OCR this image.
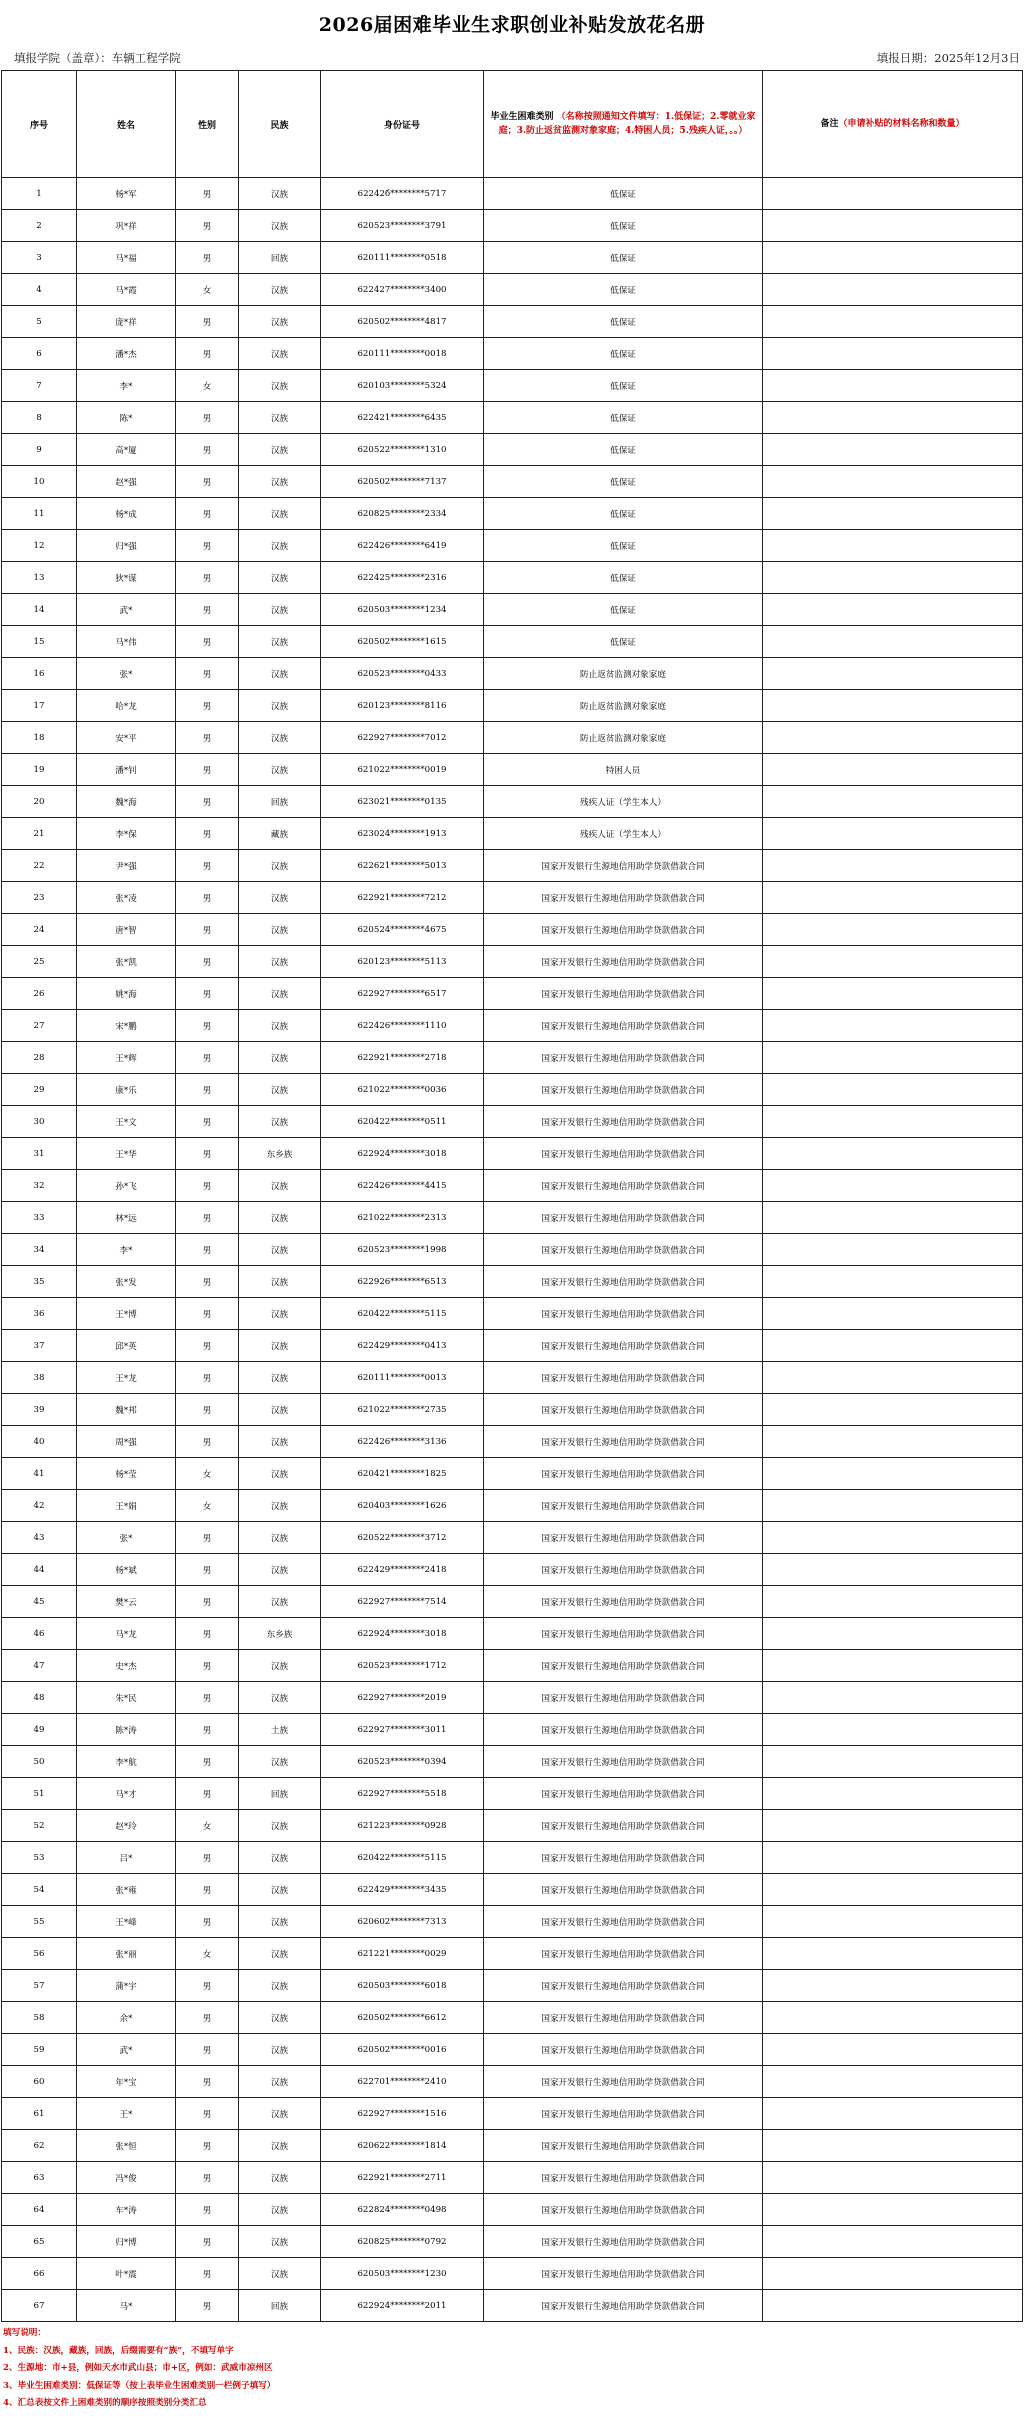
2026届困难毕业生求职创业补贴发放花名册
填报学院（盖章）：车辆工程学院	填报日期：2025年12月3日
序号	姓名	性别	民族	身份证号	毕业生困难类别 （名称按照通知文件填写：1.低保证；2.零就业家庭；3.防止返贫监测对象家庭；4.特困人员；5.残疾人证，。。）	备注（申请补贴的材料名称和数量）
1	杨*军	男	汉族	62242б********5717	低保证	
2	巩*祥	男	汉族	620523********3791	低保证	
3	马*福	男	回族	620111********0518	低保证	
4	马*霞	女	汉族	622427********3400	低保证	
5	庞*祥	男	汉族	620502********4817	低保证	
6	潘*杰	男	汉族	620111********0018	低保证	
7	李*	女	汉族	620103********5324	低保证	
8	陈*	男	汉族	622421********6435	低保证	
9	高*厦	男	汉族	620522********1310	低保证	
10	赵*强	男	汉族	620502********7137	低保证	
11	杨*成	男	汉族	620825********2334	低保证	
12	归*强	男	汉族	622426********6419	低保证	
13	狄*谋	男	汉族	622425********2316	低保证	
14	武*	男	汉族	620503********1234	低保证	
15	马*伟	男	汉族	620502********1615	低保证	
16	张*	男	汉族	620523********0433	防止返贫监测对象家庭	
17	哈*龙	男	汉族	620123********8116	防止返贫监测对象家庭	
18	安*平	男	汉族	622927********7012	防止返贫监测对象家庭	
19	潘*钊	男	汉族	621022********0019	特困人员	
20	魏*海	男	回族	623021********0135	残疾人证（学生本人）	
21	李*保	男	藏族	623024********1913	残疾人证（学生本人）	
22	尹*强	男	汉族	622621********5013	国家开发银行生源地信用助学贷款借款合同	
23	张*凌	男	汉族	622921********7212	国家开发银行生源地信用助学贷款借款合同	
24	唐*智	男	汉族	620524********4675	国家开发银行生源地信用助学贷款借款合同	
25	张*凯	男	汉族	620123********5113	国家开发银行生源地信用助学贷款借款合同	
26	姚*海	男	汉族	622927********6517	国家开发银行生源地信用助学贷款借款合同	
27	宋*鹏	男	汉族	622426********1110	国家开发银行生源地信用助学贷款借款合同	
28	王*辉	男	汉族	622921********2718	国家开发银行生源地信用助学贷款借款合同	
29	康*乐	男	汉族	621022********0036	国家开发银行生源地信用助学贷款借款合同	
30	王*文	男	汉族	620422********0511	国家开发银行生源地信用助学贷款借款合同	
31	王*华	男	东乡族	622924********3018	国家开发银行生源地信用助学贷款借款合同	
32	孙*飞	男	汉族	622426********4415	国家开发银行生源地信用助学贷款借款合同	
33	林*远	男	汉族	621022********2313	国家开发银行生源地信用助学贷款借款合同	
34	李*	男	汉族	620523********1998	国家开发银行生源地信用助学贷款借款合同	
35	张*发	男	汉族	622926********6513	国家开发银行生源地信用助学贷款借款合同	
36	王*博	男	汉族	620422********5115	国家开发银行生源地信用助学贷款借款合同	
37	邱*英	男	汉族	622429********0413	国家开发银行生源地信用助学贷款借款合同	
38	王*龙	男	汉族	620111********0013	国家开发银行生源地信用助学贷款借款合同	
39	魏*邦	男	汉族	621022********2735	国家开发银行生源地信用助学贷款借款合同	
40	周*强	男	汉族	622426********3136	国家开发银行生源地信用助学贷款借款合同	
41	杨*莹	女	汉族	620421********1825	国家开发银行生源地信用助学贷款借款合同	
42	王*娟	女	汉族	620403********1626	国家开发银行生源地信用助学贷款借款合同	
43	张*	男	汉族	620522********3712	国家开发银行生源地信用助学贷款借款合同	
44	杨*斌	男	汉族	622429********2418	国家开发银行生源地信用助学贷款借款合同	
45	樊*云	男	汉族	622927********7514	国家开发银行生源地信用助学贷款借款合同	
46	马*龙	男	东乡族	622924********3018	国家开发银行生源地信用助学贷款借款合同	
47	史*杰	男	汉族	620523********1712	国家开发银行生源地信用助学贷款借款合同	
48	朱*民	男	汉族	622927********2019	国家开发银行生源地信用助学贷款借款合同	
49	陈*涛	男	土族	622927********3011	国家开发银行生源地信用助学贷款借款合同	
50	李*航	男	汉族	620523********0394	国家开发银行生源地信用助学贷款借款合同	
51	马*才	男	回族	622927********5518	国家开发银行生源地信用助学贷款借款合同	
52	赵*玲	女	汉族	621223********0928	国家开发银行生源地信用助学贷款借款合同	
53	吕*	男	汉族	620422********5115	国家开发银行生源地信用助学贷款借款合同	
54	张*雍	男	汉族	622429********3435	国家开发银行生源地信用助学贷款借款合同	
55	王*峰	男	汉族	620602********7313	国家开发银行生源地信用助学贷款借款合同	
56	张*丽	女	汉族	621221********0029	国家开发银行生源地信用助学贷款借款合同	
57	蒲*宇	男	汉族	620503********6018	国家开发银行生源地信用助学贷款借款合同	
58	余*	男	汉族	620502********6612	国家开发银行生源地信用助学贷款借款合同	
59	武*	男	汉族	620502********0016	国家开发银行生源地信用助学贷款借款合同	
60	年*宝	男	汉族	622701********2410	国家开发银行生源地信用助学贷款借款合同	
61	王*	男	汉族	622927********1516	国家开发银行生源地信用助学贷款借款合同	
62	张*恒	男	汉族	620622********1814	国家开发银行生源地信用助学贷款借款合同	
63	冯*俊	男	汉族	622921********2711	国家开发银行生源地信用助学贷款借款合同	
64	车*涛	男	汉族	622824********0498	国家开发银行生源地信用助学贷款借款合同	
65	归*博	男	汉族	620825********0792	国家开发银行生源地信用助学贷款借款合同	
66	叶*震	男	汉族	620503********1230	国家开发银行生源地信用助学贷款借款合同	
67	马*	男	回族	622924********2011	国家开发银行生源地信用助学贷款借款合同	
填写说明：
1、民族：汉族，藏族，回族，后缀需要有“族”，不填写单字
2、生源地：市+县，例如天水市武山县；市+区，例如：武威市凉州区
3、毕业生困难类别：低保证等（按上表毕业生困难类别一栏例子填写）
4、汇总表按文件上困难类别的顺序按照类别分类汇总
